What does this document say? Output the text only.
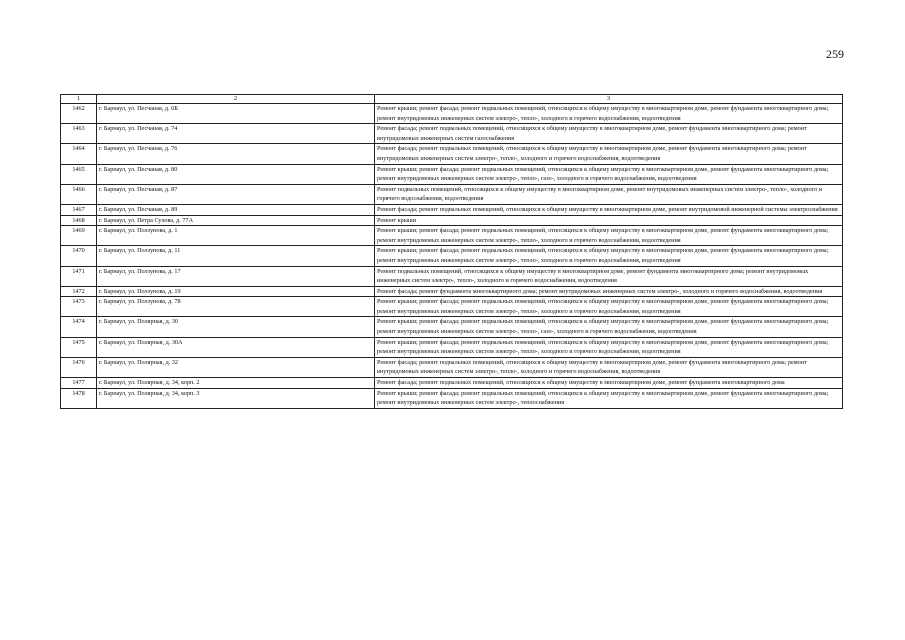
259
1	2	3
1462	г. Барнаул, ул. Песчаная, д. 6Б	Ремонт крыши; ремонт фасада; ремонт подвальных помещений, относящихся к общему имуществу в многоквартирном доме, ремонт фундамента многоквартирного дома; ремонт внутридомовых инженерных систем электро-, тепло-, холодного и горячего водоснабжения, водоотведения
1463	г. Барнаул, ул. Песчаная, д. 74	Ремонт фасада; ремонт подвальных помещений, относящихся к общему имуществу в многоквартирном доме, ремонт фундамента многоквартирного дома; ремонт внутридомовых инженерных систем газоснабжения
1464	г. Барнаул, ул. Песчаная, д. 76	Ремонт фасада; ремонт подвальных помещений, относящихся к общему имуществу в многоквартирном доме, ремонт фундамента многоквартирного дома; ремонт внутридомовых инженерных систем электро-, тепло-, холодного и горячего водоснабжения, водоотведения
1465	г. Барнаул, ул. Песчаная, д. 80	Ремонт крыши; ремонт фасада; ремонт подвальных помещений, относящихся к общему имуществу в многоквартирном доме, ремонт фундамента многоквартирного дома; ремонт внутридомовых инженерных систем электро-, тепло-, газо-, холодного и горячего водоснабжения, водоотведения
1466	г. Барнаул, ул. Песчаная, д. 87	Ремонт подвальных помещений, относящихся к общему имуществу в многоквартирном доме, ремонт внутридомовых инженерных систем электро-, тепло-, холодного и горячего водоснабжения, водоотведения
1467	г. Барнаул, ул. Песчаная, д. 89	Ремонт фасада; ремонт подвальных помещений, относящихся к общему имуществу в многоквартирном доме, ремонт внутридомовой инженерной системы электроснабжения
1468	г. Барнаул, ул. Петра Сухова, д. 77А	Ремонт крыши
1469	г. Барнаул, ул. Ползунова, д. 1	Ремонт крыши; ремонт фасада; ремонт подвальных помещений, относящихся к общему имуществу в многоквартирном доме, ремонт фундамента многоквартирного дома; ремонт внутридомовых инженерных систем электро-, тепло-, холодного и горячего водоснабжения, водоотведения
1470	г. Барнаул, ул. Ползунова, д. 11	Ремонт крыши; ремонт фасада; ремонт подвальных помещений, относящихся к общему имуществу в многоквартирном доме, ремонт фундамента многоквартирного дома; ремонт внутридомовых инженерных систем электро-, тепло-, холодного и горячего водоснабжения, водоотведения
1471	г. Барнаул, ул. Ползунова, д. 17	Ремонт подвальных помещений, относящихся к общему имуществу в многоквартирном доме, ремонт фундамента многоквартирного дома; ремонт внутридомовых инженерных систем электро-, тепло-, холодного и горячего водоснабжения, водоотведения
1472	г. Барнаул, ул. Ползунова, д. 19	Ремонт фасада; ремонт фундамента многоквартирного дома; ремонт внутридомовых инженерных систем электро-, холодного и горячего водоснабжения, водоотведения
1473	г. Барнаул, ул. Ползунова, д. 78	Ремонт крыши; ремонт фасада; ремонт подвальных помещений, относящихся к общему имуществу в многоквартирном доме, ремонт фундамента многоквартирного дома; ремонт внутридомовых инженерных систем электро-, тепло-, холодного и горячего водоснабжения, водоотведения
1474	г. Барнаул, ул. Полярная, д. 30	Ремонт крыши; ремонт фасада; ремонт подвальных помещений, относящихся к общему имуществу в многоквартирном доме, ремонт фундамента многоквартирного дома; ремонт внутридомовых инженерных систем электро-, тепло-, газо-, холодного и горячего водоснабжения, водоотведения
1475	г. Барнаул, ул. Полярная, д. 30А	Ремонт крыши; ремонт фасада; ремонт подвальных помещений, относящихся к общему имуществу в многоквартирном доме, ремонт фундамента многоквартирного дома; ремонт внутридомовых инженерных систем электро-, тепло-, холодного и горячего водоснабжения, водоотведения
1476	г. Барнаул, ул. Полярная, д. 32	Ремонт фасада; ремонт подвальных помещений, относящихся к общему имуществу в многоквартирном доме, ремонт фундамента многоквартирного дома; ремонт внутридомовых инженерных систем электро-, тепло-, холодного и горячего водоснабжения, водоотведения
1477	г. Барнаул, ул. Полярная, д. 34, корп. 2	Ремонт фасада; ремонт подвальных помещений, относящихся к общему имуществу в многоквартирном доме, ремонт фундамента многоквартирного дома
1478	г. Барнаул, ул. Полярная, д. 34, корп. 3	Ремонт крыши; ремонт фасада; ремонт подвальных помещений, относящихся к общему имуществу в многоквартирном доме, ремонт фундамента многоквартирного дома; ремонт внутридомовых инженерных систем электро-, теплоснабжения
